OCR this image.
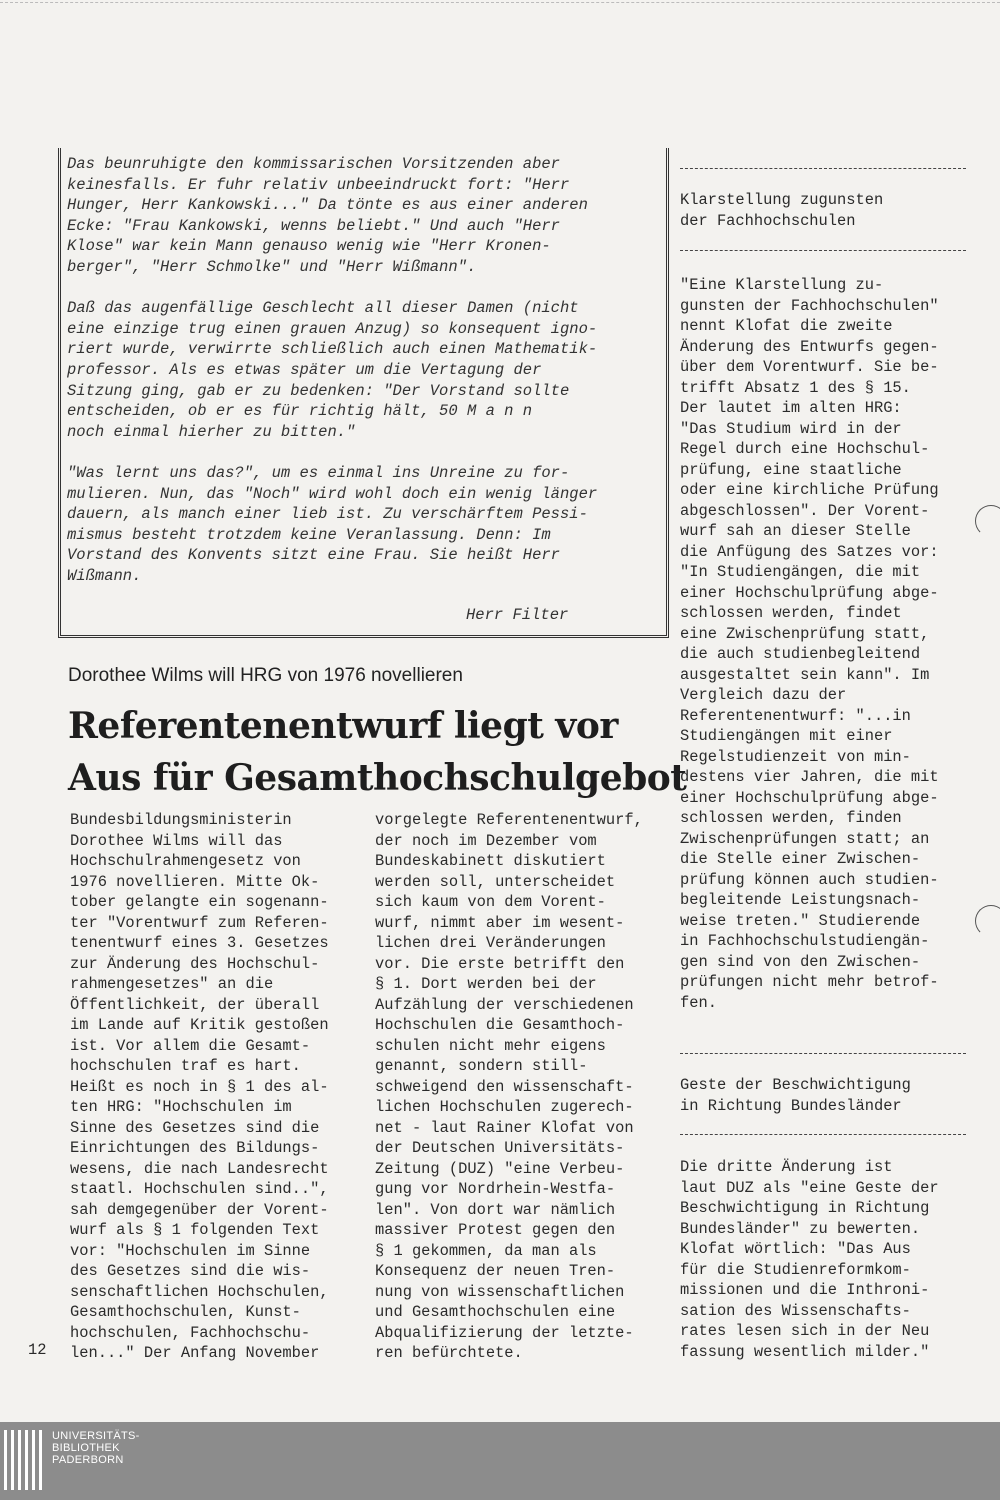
Das beunruhigte den kommissarischen Vorsitzenden aber
keinesfalls. Er fuhr relativ unbeeindruckt fort: "Herr
Hunger, Herr Kankowski..." Da tönte es aus einer anderen
Ecke: "Frau Kankowski, wenns beliebt." Und auch "Herr
Klose" war kein Mann genauso wenig wie "Herr Kronen-
berger", "Herr Schmolke" und "Herr Wißmann".

Daß das augenfällige Geschlecht all dieser Damen (nicht
eine einzige trug einen grauen Anzug) so konsequent igno-
riert wurde, verwirrte schließlich auch einen Mathematik-
professor. Als es etwas später um die Vertagung der
Sitzung ging, gab er zu bedenken: "Der Vorstand sollte
entscheiden, ob er es für richtig hält, 50 M a n n
noch einmal hierher zu bitten."

"Was lernt uns das?", um es einmal ins Unreine zu for-
mulieren. Nun, das "Noch" wird wohl doch ein wenig länger
dauern, als manch einer lieb ist. Zu verschärftem Pessi-
mismus besteht trotzdem keine Veranlassung. Denn: Im
Vorstand des Konvents sitzt eine Frau. Sie heißt Herr
Wißmann.

Herr Filter
Dorothee Wilms will HRG von 1976 novellieren
Referentenentwurf liegt vor
Aus für Gesamthochschulgebot
Bundesbildungsministerin
Dorothee Wilms will das
Hochschulrahmengesetz von
1976 novellieren. Mitte Ok-
tober gelangte ein sogenann-
ter "Vorentwurf zum Referen-
tenentwurf eines 3. Gesetzes
zur Änderung des Hochschul-
rahmengesetzes" an die
Öffentlichkeit, der überall
im Lande auf Kritik gestoßen
ist. Vor allem die Gesamt-
hochschulen traf es hart.
Heißt es noch in § 1 des al-
ten HRG: "Hochschulen im
Sinne des Gesetzes sind die
Einrichtungen des Bildungs-
wesens, die nach Landesrecht
staatl. Hochschulen sind..",
sah demgegenüber der Vorent-
wurf als § 1 folgenden Text
vor: "Hochschulen im Sinne
des Gesetzes sind die wis-
senschaftlichen Hochschulen,
Gesamthochschulen, Kunst-
hochschulen, Fachhochschu-
len..." Der Anfang November
vorgelegte Referentenentwurf,
der noch im Dezember vom
Bundeskabinett diskutiert
werden soll, unterscheidet
sich kaum von dem Vorent-
wurf, nimmt aber im wesent-
lichen drei Veränderungen
vor. Die erste betrifft den
§ 1. Dort werden bei der
Aufzählung der verschiedenen
Hochschulen die Gesamthoch-
schulen nicht mehr eigens
genannt, sondern still-
schweigend den wissenschaft-
lichen Hochschulen zugerech-
net - laut Rainer Klofat von
der Deutschen Universitäts-
Zeitung (DUZ) "eine Verbeu-
gung vor Nordrhein-Westfa-
len". Von dort war nämlich
massiver Protest gegen den
§ 1 gekommen, da man als
Konsequenz der neuen Tren-
nung von wissenschaftlichen
und Gesamthochschulen eine
Abqualifizierung der letzte-
ren befürchtete.
Klarstellung zugunsten
der Fachhochschulen
"Eine Klarstellung zu-
gunsten der Fachhochschulen"
nennt Klofat die zweite
Änderung des Entwurfs gegen-
über dem Vorentwurf. Sie be-
trifft Absatz 1 des § 15.
Der lautet im alten HRG:
"Das Studium wird in der
Regel durch eine Hochschul-
prüfung, eine staatliche
oder eine kirchliche Prüfung
abgeschlossen". Der Vorent-
wurf sah an dieser Stelle
die Anfügung des Satzes vor:
"In Studiengängen, die mit
einer Hochschulprüfung abge-
schlossen werden, findet
eine Zwischenprüfung statt,
die auch studienbegleitend
ausgestaltet sein kann". Im
Vergleich dazu der
Referentenentwurf: "...in
Studiengängen mit einer
Regelstudienzeit von min-
destens vier Jahren, die mit
einer Hochschulprüfung abge-
schlossen werden, finden
Zwischenprüfungen statt; an
die Stelle einer Zwischen-
prüfung können auch studien-
begleitende Leistungsnach-
weise treten." Studierende
in Fachhochschulstudiengän-
gen sind von den Zwischen-
prüfungen nicht mehr betrof-
fen.
Geste der Beschwichtigung
in Richtung Bundesländer
Die dritte Änderung ist
laut DUZ als "eine Geste der
Beschwichtigung in Richtung
Bundesländer" zu bewerten.
Klofat wörtlich: "Das Aus
für die Studienreformkom-
missionen und die Inthroni-
sation des Wissenschafts-
rates lesen sich in der Neu
fassung wesentlich milder."
12
UNIVERSITÄTS-
BIBLIOTHEK
PADERBORN
